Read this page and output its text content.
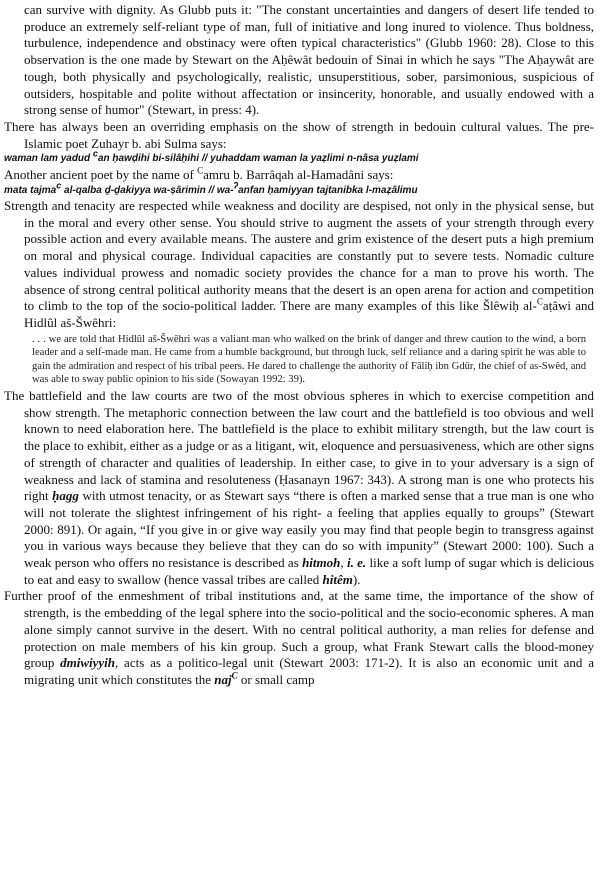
can survive with dignity. As Glubb puts it: "The constant uncertainties and dangers of desert life tended to produce an extremely self-reliant type of man, full of initiative and long inured to violence. Thus boldness, turbulence, independence and obstinacy were often typical characteristics" (Glubb 1960: 28). Close to this observation is the one made by Stewart on the Aḥêwât bedouin of Sinai in which he says "The Aḥaywât are tough, both physically and psychologically, realistic, unsuperstitious, sober, parsimonious, suspicious of outsiders, hospitable and polite without affectation or insincerity, honorable, and usually endowed with a strong sense of humor" (Stewart, in press: 4).

There has always been an overriding emphasis on the show of strength in bedouin cultural values. The pre-Islamic poet Zuhayr b. abi Sulma says:

waman lam yadud $^c$an ḥawḍihi bi-silâḥihi // yuhaddam waman la yaẓlimi n-nâsa yuẓlami

Another ancient poet by the name of $^C$amru b. Barrâqah al-Hamadâni says:

mata tajma$^c$ al-qalba ḏ-ḏakiyya wa-ṣârimin // wa-$^ʔ$anfan ḥamiyyan tajtanibka l-maẓâlimu

Strength and tenacity are respected while weakness and docility are despised, not only in the physical sense, but in the moral and every other sense. You should strive to augment the assets of your strength through every possible action and every available means. The austere and grim existence of the desert puts a high premium on moral and physical courage. Individual capacities are constantly put to severe tests. Nomadic culture values individual prowess and nomadic society provides the chance for a man to prove his worth. The absence of strong central political authority means that the desert is an open arena for action and competition to climb to the top of the socio-political ladder. There are many examples of this like Šlêwiḥ al-$^C$aṭâwi and Hidlûl aš-Šwêhri:

. . . we are told that Hidlûl aš-Šwêhri was a valiant man who walked on the brink of danger and threw caution to the wind, a born leader and a self-made man. He came from a humble background, but through luck, self reliance and a daring spirit he was able to gain the admiration and respect of his tribal peers. He dared to challenge the authority of Fâliḥ ibn Gdûr, the chief of as-Swêd, and was able to sway public opinion to his side (Sowayan 1992: 39).

The battlefield and the law courts are two of the most obvious spheres in which to exercise competition and show strength. The metaphoric connection between the law court and the battlefield is too obvious and well known to need elaboration here. The battlefield is the place to exhibit military strength, but the law court is the place to exhibit, either as a judge or as a litigant, wit, eloquence and persuasiveness, which are other signs of strength of character and qualities of leadership. In either case, to give in to your adversary is a sign of weakness and lack of stamina and resoluteness (Ḥasanayn 1967: 343). A strong man is one who protects his right ḥagg with utmost tenacity, or as Stewart says “there is often a marked sense that a true man is one who will not tolerate the slightest infringement of his right- a feeling that applies equally to groups” (Stewart 2000: 891). Or again, “If you give in or give way easily you may find that people begin to transgress against you in various ways because they believe that they can do so with impunity” (Stewart 2000: 100). Such a weak person who offers no resistance is described as hitmoh, i. e. like a soft lump of sugar which is delicious to eat and easy to swallow (hence vassal tribes are called hitêm).

Further proof of the enmeshment of tribal institutions and, at the same time, the importance of the show of strength, is the embedding of the legal sphere into the socio-political and the socio-economic spheres. A man alone simply cannot survive in the desert. With no central political authority, a man relies for defense and protection on male members of his kin group. Such a group, what Frank Stewart calls the blood-money group dmiwiyyih, acts as a politico-legal unit (Stewart 2003: 171-2). It is also an economic unit and a migrating unit which constitutes the naj$^C$ or small camp
